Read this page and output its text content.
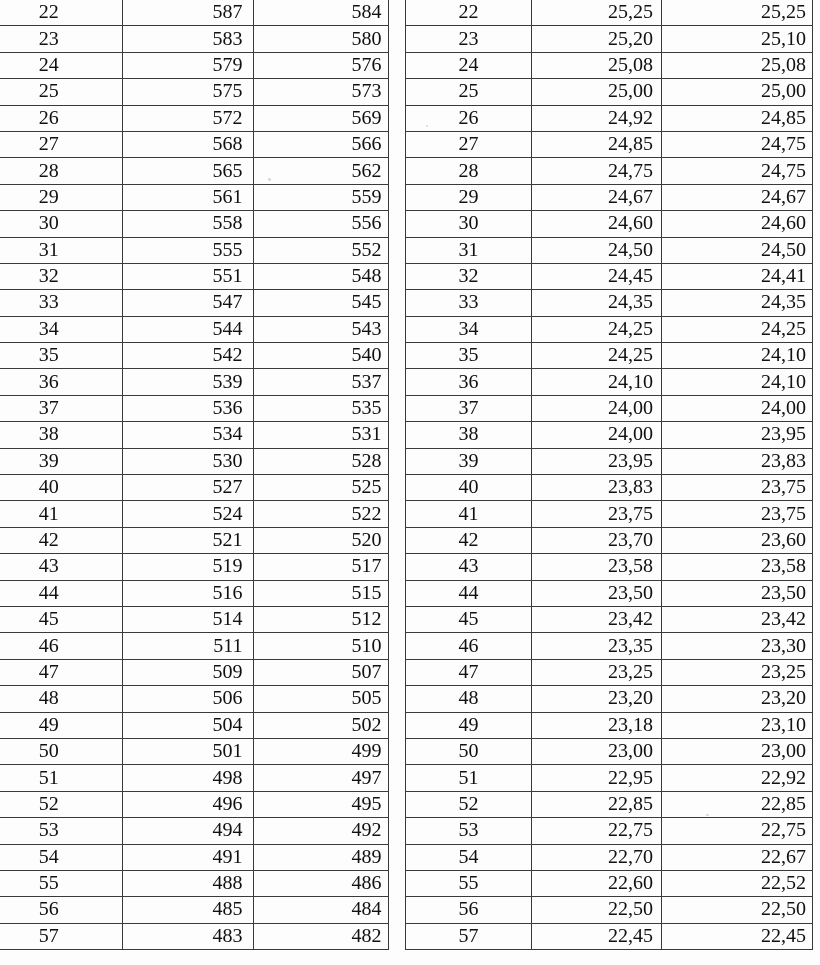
22	587	584
23	583	580
24	579	576
25	575	573
26	572	569
27	568	566
28	565	562
29	561	559
30	558	556
31	555	552
32	551	548
33	547	545
34	544	543
35	542	540
36	539	537
37	536	535
38	534	531
39	530	528
40	527	525
41	524	522
42	521	520
43	519	517
44	516	515
45	514	512
46	511	510
47	509	507
48	506	505
49	504	502
50	501	499
51	498	497
52	496	495
53	494	492
54	491	489
55	488	486
56	485	484
57	483	482
22	25,25	25,25
23	25,20	25,10
24	25,08	25,08
25	25,00	25,00
26	24,92	24,85
27	24,85	24,75
28	24,75	24,75
29	24,67	24,67
30	24,60	24,60
31	24,50	24,50
32	24,45	24,41
33	24,35	24,35
34	24,25	24,25
35	24,25	24,10
36	24,10	24,10
37	24,00	24,00
38	24,00	23,95
39	23,95	23,83
40	23,83	23,75
41	23,75	23,75
42	23,70	23,60
43	23,58	23,58
44	23,50	23,50
45	23,42	23,42
46	23,35	23,30
47	23,25	23,25
48	23,20	23,20
49	23,18	23,10
50	23,00	23,00
51	22,95	22,92
52	22,85	22,85
53	22,75	22,75
54	22,70	22,67
55	22,60	22,52
56	22,50	22,50
57	22,45	22,45
